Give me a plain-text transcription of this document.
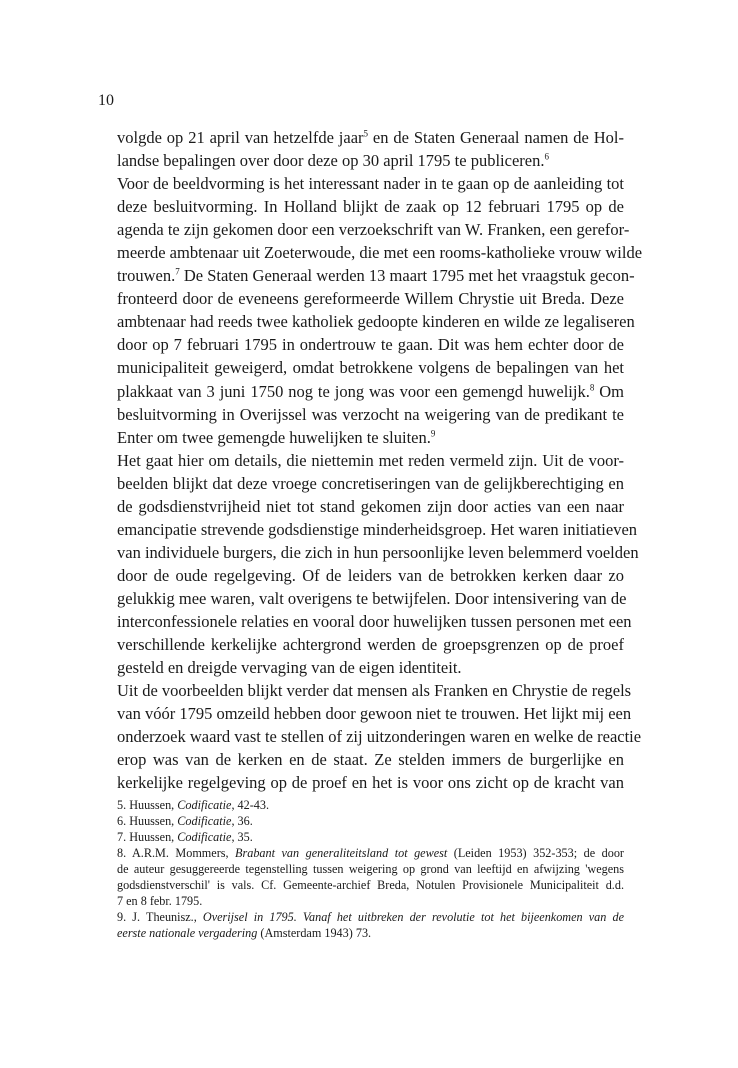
10
volgde op 21 april van hetzelfde jaar$^5$ en de Staten Generaal namen de Hol-
landse bepalingen over door deze op 30 april 1795 te publiceren.$^6$
Voor de beeldvorming is het interessant nader in te gaan op de aanleiding tot
deze besluitvorming. In Holland blijkt de zaak op 12 februari 1795 op de
agenda te zijn gekomen door een verzoekschrift van W. Franken, een gerefor-
meerde ambtenaar uit Zoeterwoude, die met een rooms-katholieke vrouw wilde
trouwen.$^7$ De Staten Generaal werden 13 maart 1795 met het vraagstuk gecon-
fronteerd door de eveneens gereformeerde Willem Chrystie uit Breda. Deze
ambtenaar had reeds twee katholiek gedoopte kinderen en wilde ze legaliseren
door op 7 februari 1795 in ondertrouw te gaan. Dit was hem echter door de
municipaliteit geweigerd, omdat betrokkene volgens de bepalingen van het
plakkaat van 3 juni 1750 nog te jong was voor een gemengd huwelijk.$^8$ Om
besluitvorming in Overijssel was verzocht na weigering van de predikant te
Enter om twee gemengde huwelijken te sluiten.$^9$
Het gaat hier om details, die niettemin met reden vermeld zijn. Uit de voor-
beelden blijkt dat deze vroege concretiseringen van de gelijkberechtiging en
de godsdienstvrijheid niet tot stand gekomen zijn door acties van een naar
emancipatie strevende godsdienstige minderheidsgroep. Het waren initiatieven
van individuele burgers, die zich in hun persoonlijke leven belemmerd voelden
door de oude regelgeving. Of de leiders van de betrokken kerken daar zo
gelukkig mee waren, valt overigens te betwijfelen. Door intensivering van de
interconfessionele relaties en vooral door huwelijken tussen personen met een
verschillende kerkelijke achtergrond werden de groepsgrenzen op de proef
gesteld en dreigde vervaging van de eigen identiteit.
Uit de voorbeelden blijkt verder dat mensen als Franken en Chrystie de regels
van vóór 1795 omzeild hebben door gewoon niet te trouwen. Het lijkt mij een
onderzoek waard vast te stellen of zij uitzonderingen waren en welke de reactie
erop was van de kerken en de staat. Ze stelden immers de burgerlijke en
kerkelijke regelgeving op de proef en het is voor ons zicht op de kracht van
5. Huussen, Codificatie, 42-43.
6. Huussen, Codificatie, 36.
7. Huussen, Codificatie, 35.
8. A.R.M. Mommers, Brabant van generaliteitsland tot gewest (Leiden 1953) 352-353; de door
de auteur gesuggereerde tegenstelling tussen weigering op grond van leeftijd en afwijzing 'wegens
godsdienstverschil' is vals. Cf. Gemeente-archief Breda, Notulen Provisionele Municipaliteit d.d.
7 en 8 febr. 1795.
9. J. Theunisz., Overijsel in 1795. Vanaf het uitbreken der revolutie tot het bijeenkomen van de
eerste nationale vergadering (Amsterdam 1943) 73.
